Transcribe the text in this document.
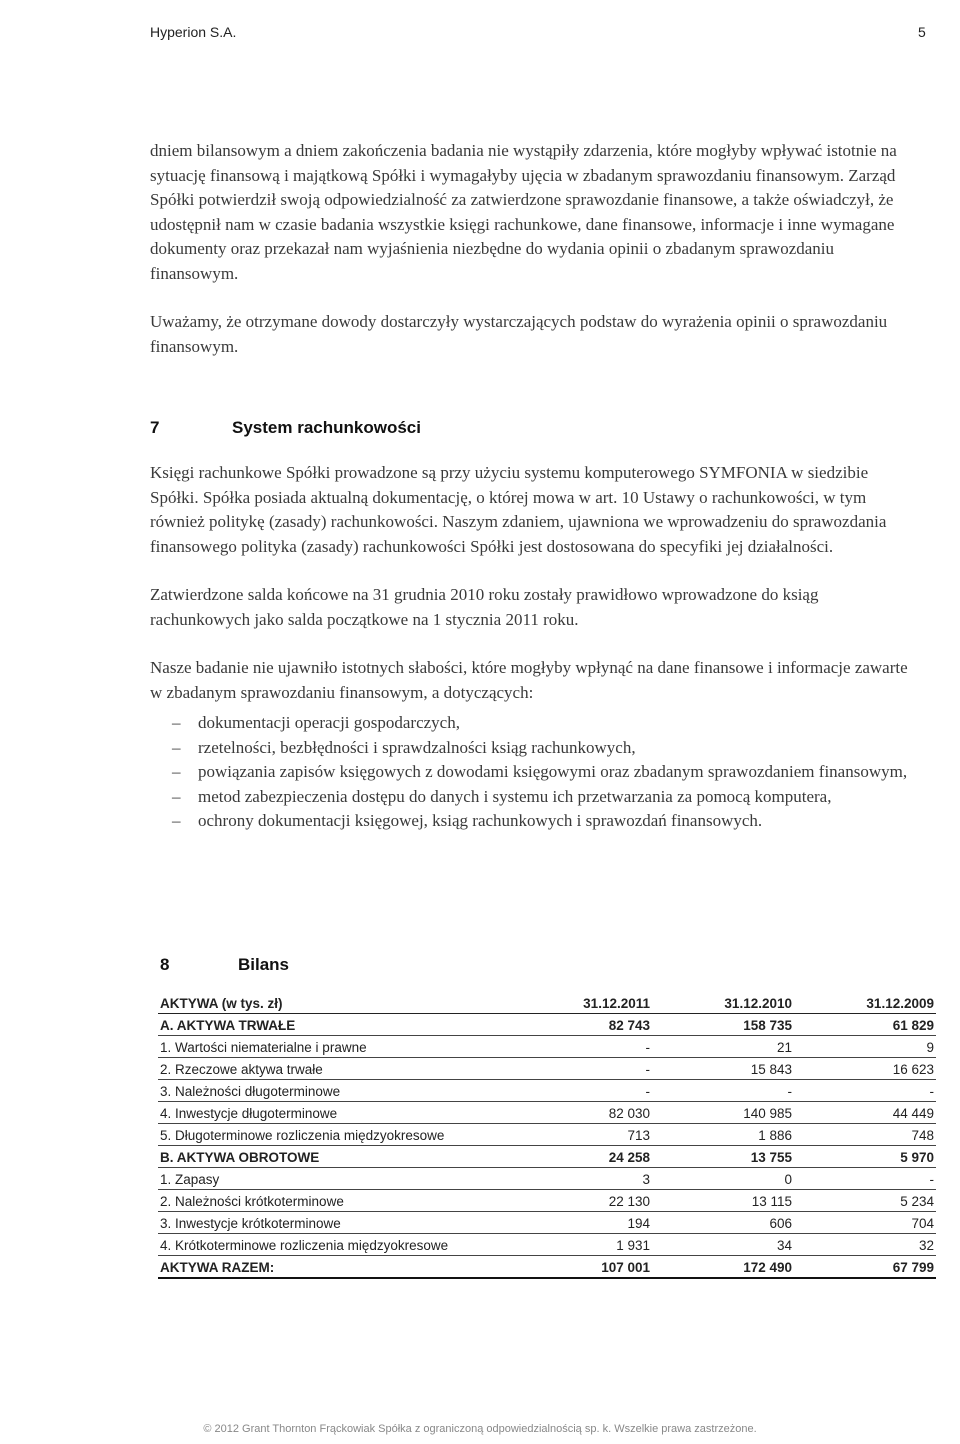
Hyperion S.A.	5

dniem bilansowym a dniem zakończenia badania nie wystąpiły zdarzenia, które mogłyby wpływać istotnie na sytuację finansową i majątkową Spółki i wymagałyby ujęcia w zbadanym sprawozdaniu finansowym. Zarząd Spółki potwierdził swoją odpowiedzialność za zatwierdzone sprawozdanie finansowe, a także oświadczył, że udostępnił nam w czasie badania wszystkie księgi rachunkowe, dane finansowe, informacje i inne wymagane dokumenty oraz przekazał nam wyjaśnienia niezbędne do wydania opinii o zbadanym sprawozdaniu finansowym.

Uważamy, że otrzymane dowody dostarczyły wystarczających podstaw do wyrażenia opinii o sprawozdaniu finansowym.

7	System rachunkowości

Księgi rachunkowe Spółki prowadzone są przy użyciu systemu komputerowego SYMFONIA w siedzibie Spółki. Spółka posiada aktualną dokumentację, o której mowa w art. 10 Ustawy o rachunkowości, w tym również politykę (zasady) rachunkowości. Naszym zdaniem, ujawniona we wprowadzeniu do sprawozdania finansowego polityka (zasady) rachunkowości Spółki jest dostosowana do specyfiki jej działalności.

Zatwierdzone salda końcowe na 31 grudnia 2010 roku zostały prawidłowo wprowadzone do ksiąg rachunkowych jako salda początkowe na 1 stycznia 2011 roku.

Nasze badanie nie ujawniło istotnych słabości, które mogłyby wpłynąć na dane finansowe i informacje zawarte w zbadanym sprawozdaniu finansowym, a dotyczących:

– dokumentacji operacji gospodarczych,
– rzetelności, bezbłędności i sprawdzalności ksiąg rachunkowych,
– powiązania zapisów księgowych z dowodami księgowymi oraz zbadanym sprawozdaniem finansowym,
– metod zabezpieczenia dostępu do danych i systemu ich przetwarzania za pomocą komputera,
– ochrony dokumentacji księgowej, ksiąg rachunkowych i sprawozdań finansowych.
8	Bilans
AKTYWA (w tys. zł)	31.12.2011	31.12.2010	31.12.2009
A. AKTYWA TRWAŁE	82 743	158 735	61 829
1. Wartości niematerialne i prawne	-	21	9
2. Rzeczowe aktywa trwałe	-	15 843	16 623
3. Należności długoterminowe	-	-	-
4. Inwestycje długoterminowe	82 030	140 985	44 449
5. Długoterminowe rozliczenia międzyokresowe	713	1 886	748
B. AKTYWA OBROTOWE	24 258	13 755	5 970
1. Zapasy	3	0	-
2. Należności krótkoterminowe	22 130	13 115	5 234
3. Inwestycje krótkoterminowe	194	606	704
4. Krótkoterminowe rozliczenia międzyokresowe	1 931	34	32
AKTYWA RAZEM:	107 001	172 490	67 799
© 2012 Grant Thornton Frąckowiak Spółka z ograniczoną odpowiedzialnością sp. k. Wszelkie prawa zastrzeżone.
